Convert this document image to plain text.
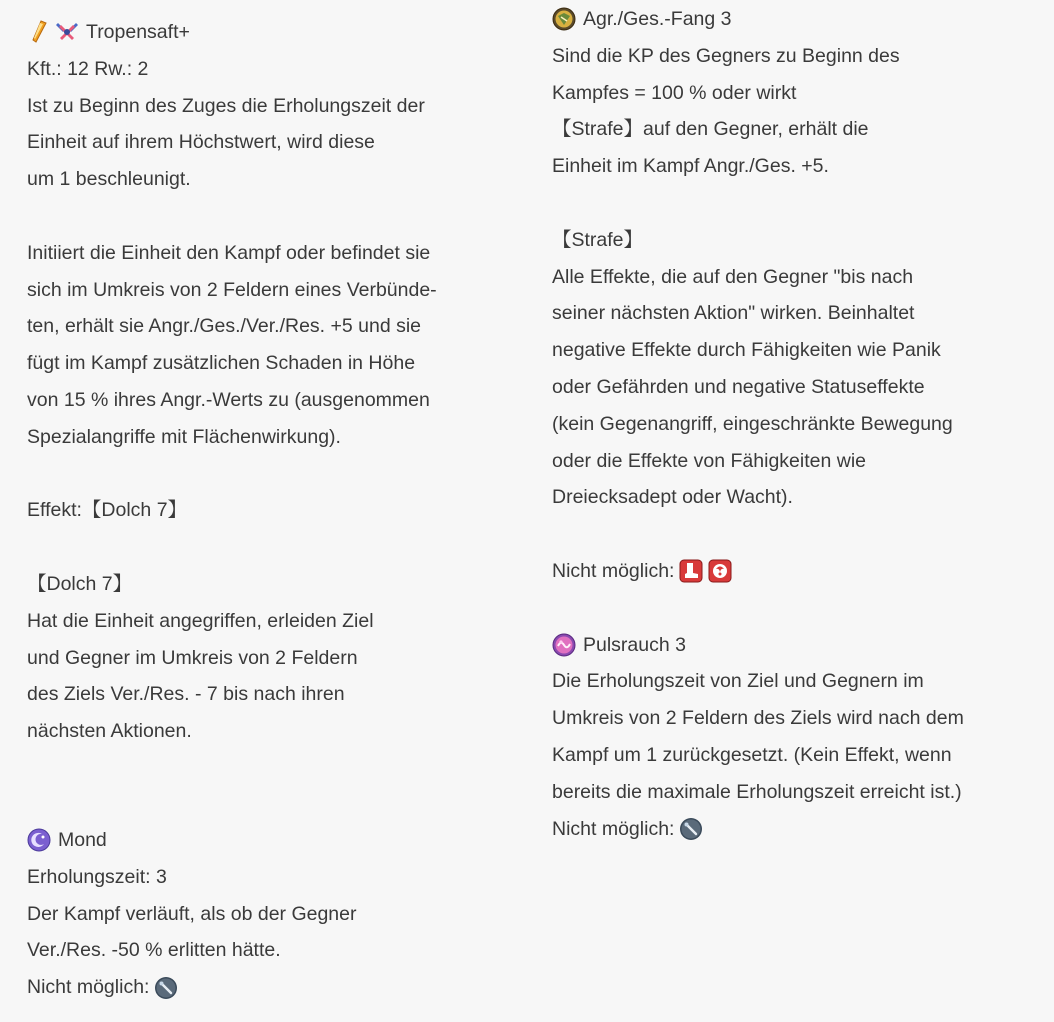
Tropensaft+
Kft.: 12 Rw.: 2
Ist zu Beginn des Zuges die Erholungszeit der
Einheit auf ihrem Höchstwert, wird diese
um 1 beschleunigt.
Initiiert die Einheit den Kampf oder befindet sie
sich im Umkreis von 2 Feldern eines Verbünde-
ten, erhält sie Angr./Ges./Ver./Res. +5 und sie
fügt im Kampf zusätzlichen Schaden in Höhe
von 15 % ihres Angr.-Werts zu (ausgenommen
Spezialangriffe mit Flächenwirkung).
Effekt:【Dolch 7】
【Dolch 7】
Hat die Einheit angegriffen, erleiden Ziel
und Gegner im Umkreis von 2 Feldern
des Ziels Ver./Res. - 7 bis nach ihren
nächsten Aktionen.
Mond
Erholungszeit: 3
Der Kampf verläuft, als ob der Gegner
Ver./Res. -50 % erlitten hätte.
Nicht möglich:
Agr./Ges.-Fang 3
Sind die KP des Gegners zu Beginn des
Kampfes = 100 % oder wirkt
【Strafe】auf den Gegner, erhält die
Einheit im Kampf Angr./Ges. +5.
【Strafe】
Alle Effekte, die auf den Gegner "bis nach
seiner nächsten Aktion" wirken. Beinhaltet
negative Effekte durch Fähigkeiten wie Panik
oder Gefährden und negative Statuseffekte
(kein Gegenangriff, eingeschränkte Bewegung
oder die Effekte von Fähigkeiten wie
Dreiecksadept oder Wacht).
Nicht möglich:
Pulsrauch 3
Die Erholungszeit von Ziel und Gegnern im
Umkreis von 2 Feldern des Ziels wird nach dem
Kampf um 1 zurückgesetzt. (Kein Effekt, wenn
bereits die maximale Erholungszeit erreicht ist.)
Nicht möglich:
